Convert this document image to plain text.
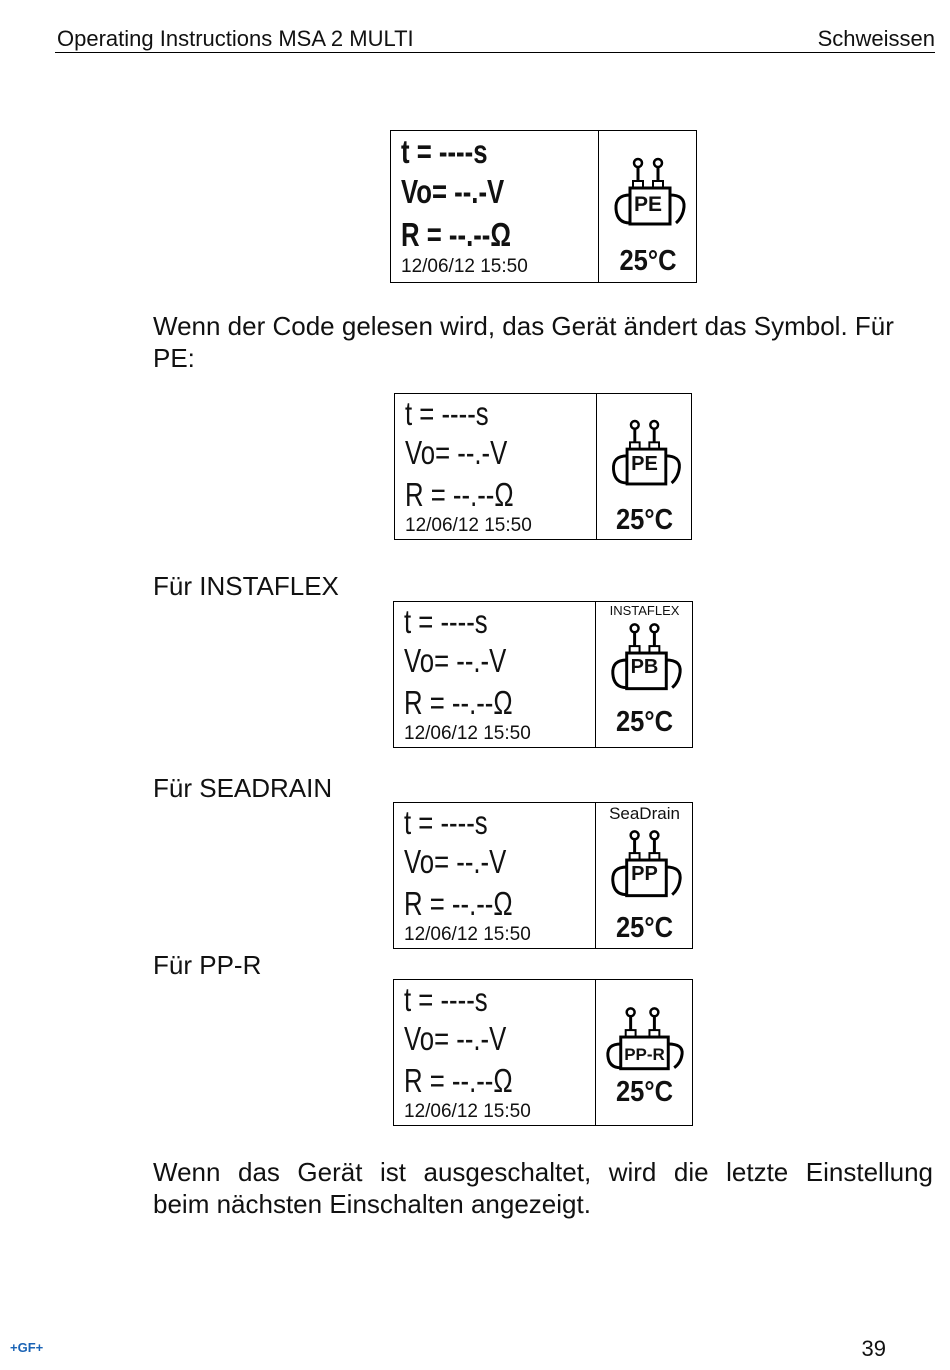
Operating Instructions MSA 2 MULTI	Schweissen
t = ----s
Vo= --.-V
R = --.--Ω
12/06/12 15:50
PE
25°C
Wenn der Code gelesen wird, das Gerät ändert das Symbol. Für
PE:
t = ----s
Vo= --.-V
R = --.--Ω
12/06/12 15:50
PE
25°C
Für INSTAFLEX
t = ----s
Vo= --.-V
R = --.--Ω
12/06/12 15:50
INSTAFLEX
PB
25°C
Für SEADRAIN
t = ----s
Vo= --.-V
R = --.--Ω
12/06/12 15:50
SeaDrain
PP
25°C
Für PP-R
t = ----s
Vo= --.-V
R = --.--Ω
12/06/12 15:50
PP-R
25°C
Wenn das Gerät ist ausgeschaltet, wird die letzte Einstellung
beim nächsten Einschalten angezeigt.
+GF+	39
